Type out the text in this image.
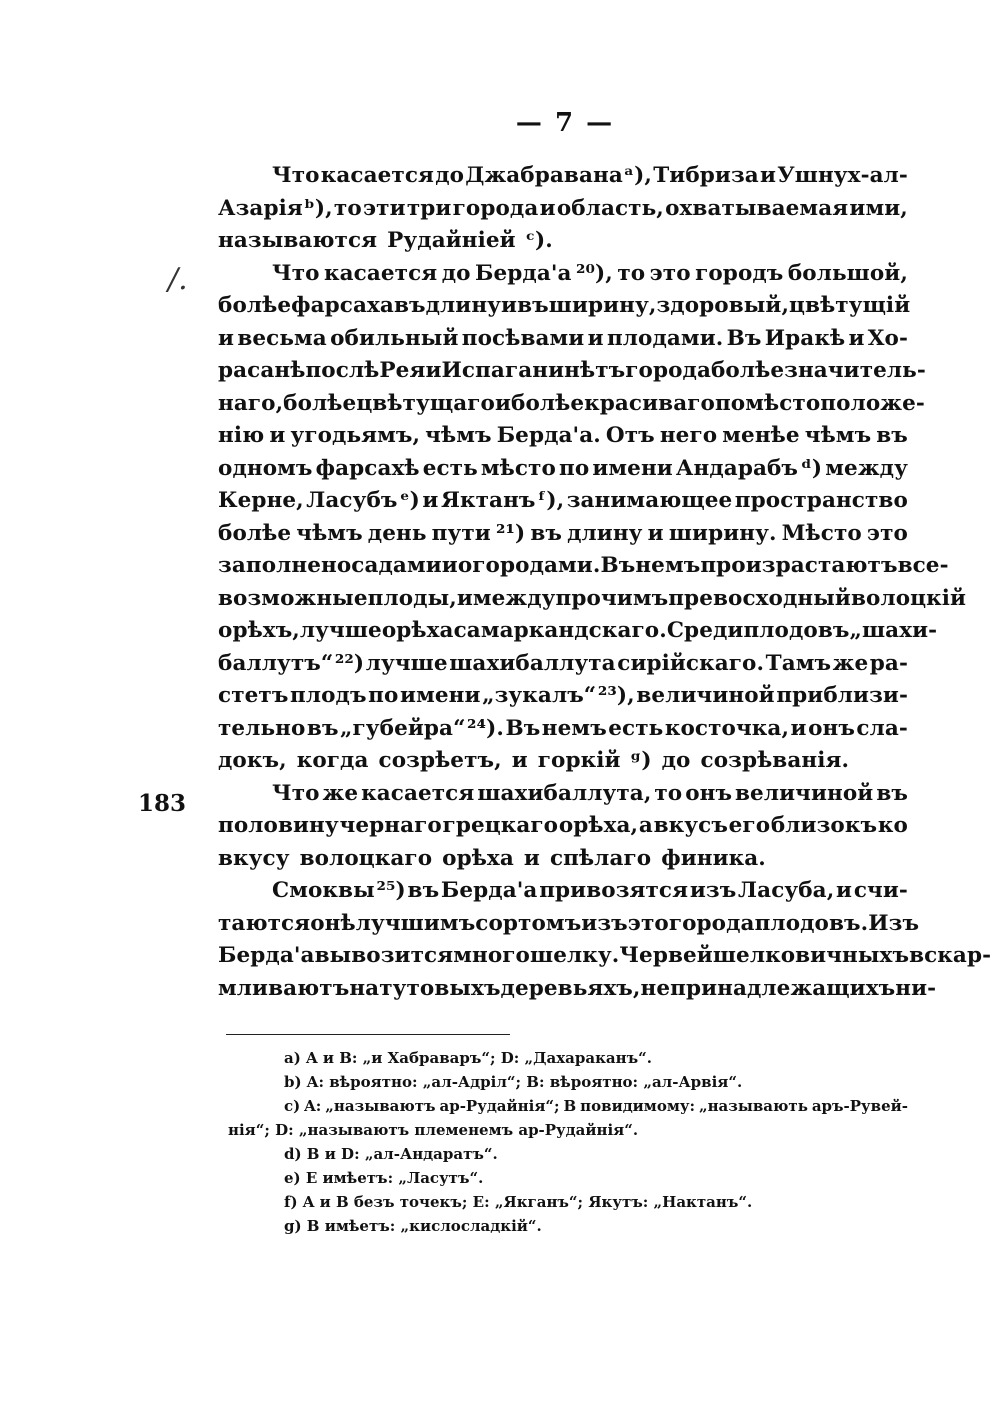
— 7 —
/.
183
Что касается до Джабравана ᵃ), Тибриза и Ушнух-ал-
Азарія ᵇ), то эти три города и область, охватываемая ими,
называются Рудайнiей ᶜ).
Что касается до Берда'а ²⁰), то это городъ большой,
болѣе фарсаха въ длину и въ ширину, здоровый, цвѣтущій
и весьма обильный посѣвами и плодами. Въ Иракѣ и Хо-
расанѣ послѣ Рея и Испагани нѣтъ города болѣе значитель-
наго, болѣе цвѣтущаго и болѣе красиваго по мѣстоположе-
нію и угодьямъ, чѣмъ Берда'а. Отъ него менѣе чѣмъ въ
одномъ фарсахѣ есть мѣсто по имени Андарабъ ᵈ) между
Керне, Ласубъ ᵉ) и Яктанъ ᶠ), занимающее пространство
болѣе чѣмъ день пути ²¹) въ длину и ширину. Мѣсто это
заполнено садами и огородами. Въ немъ произрастаютъ все-
возможные плоды, и между прочимъ превосходный волоцкій
орѣхъ, лучше орѣха самаркандскаго. Среди плодовъ „шахи-
баллутъ“ ²²) лучше шахибаллута сирійскаго. Тамъ же ра-
стетъ плодъ по имени „зукалъ“ ²³), величиной приблизи-
тельно въ „губейра“ ²⁴). Въ немъ есть косточка, и онъ сла-
докъ, когда созрѣетъ, и горкій ᵍ) до созрѣванія.
Что же касается шахибаллута, то онъ величиной въ
половину чернаго грецкаго орѣха, а вкусъ его близокъ ко
вкусу волоцкаго орѣха и спѣлаго финика.
Смоквы ²⁵) въ Берда'а привозятся изъ Ласуба, и счи-
таются онѣ лучшимъ сортомъ изъ этого рода плодовъ. Изъ
Берда'а вывозится много шелку. Червей шелковичныхъ вскар-
мливаютъ на тутовыхъ деревьяхъ, не принадлежащихъ ни-
a) A и B: „и Хабраваръ“; D: „Дахараканъ“.
b) A: вѣроятно: „ал-Адріл“; B: вѣроятно: „ал-Арвія“.
c) A: „называютъ ар-Рудайнія“; B повидимому: „называють аръ-Рувей-
нія“; D: „называютъ племенемъ ар-Рудайнія“.
d) B и D: „ал-Андаратъ“.
e) E имѣетъ: „Ласутъ“.
f) A и B безъ точекъ; E: „Якганъ“; Якутъ: „Нактанъ“.
g) B имѣетъ: „кислосладкій“.
